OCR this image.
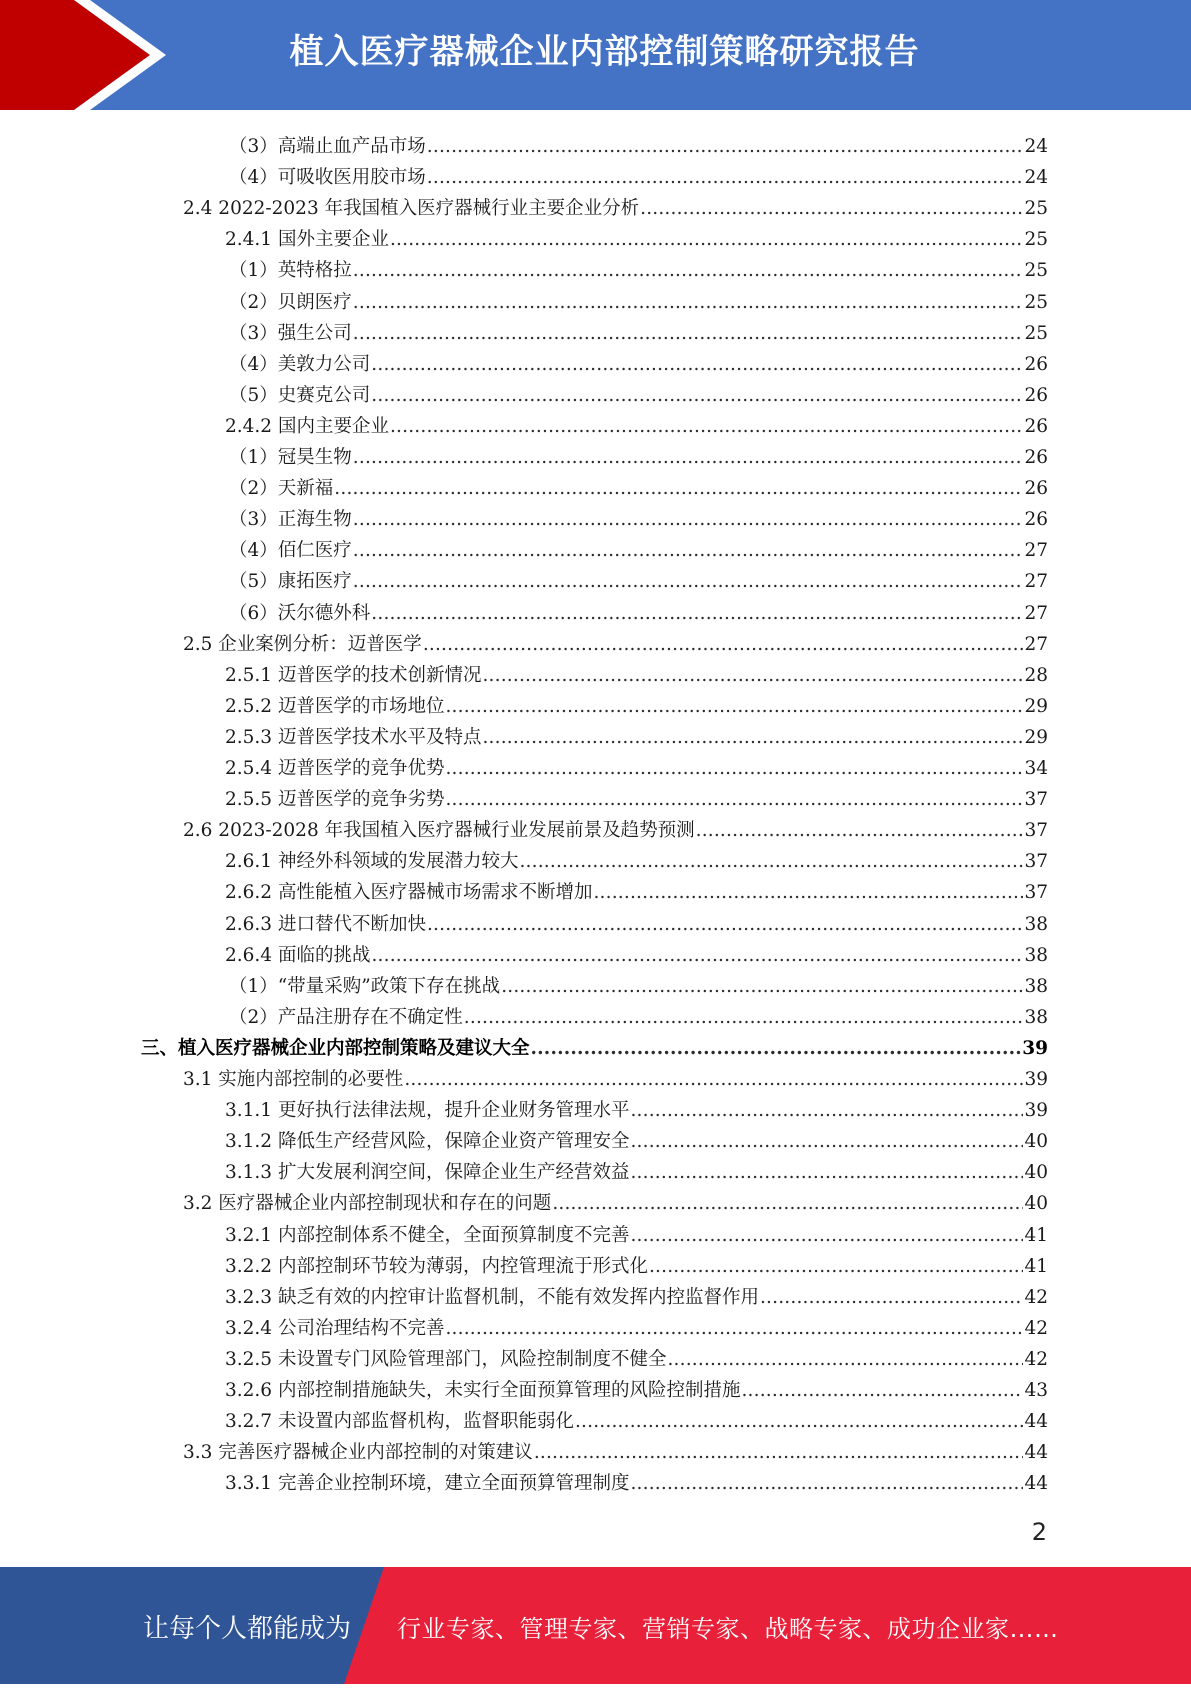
植入医疗器械企业内部控制策略研究报告
（3）高端止血产品市场 .....	24
（4）可吸收医用胶市场 .....	24
2.4 2022-2023 年我国植入医疗器械行业主要企业分析 .....	25
2.4.1 国外主要企业 .....	25
（1）英特格拉 .....	25
（2）贝朗医疗 .....	25
（3）强生公司 .....	25
（4）美敦力公司 .....	26
（5）史赛克公司 .....	26
2.4.2 国内主要企业 .....	26
（1）冠昊生物 .....	26
（2）天新福 .....	26
（3）正海生物 .....	26
（4）佰仁医疗 .....	27
（5）康拓医疗 .....	27
（6）沃尔德外科 .....	27
2.5 企业案例分析：迈普医学 .....	27
2.5.1 迈普医学的技术创新情况 .....	28
2.5.2 迈普医学的市场地位 .....	29
2.5.3 迈普医学技术水平及特点 .....	29
2.5.4 迈普医学的竞争优势 .....	34
2.5.5 迈普医学的竞争劣势 .....	37
2.6 2023-2028 年我国植入医疗器械行业发展前景及趋势预测 .....	37
2.6.1 神经外科领域的发展潜力较大 .....	37
2.6.2 高性能植入医疗器械市场需求不断增加 .....	37
2.6.3 进口替代不断加快 .....	38
2.6.4 面临的挑战 .....	38
（1）“带量采购”政策下存在挑战 .....	38
（2）产品注册存在不确定性 .....	38
三、植入医疗器械企业内部控制策略及建议大全 .....	39
3.1 实施内部控制的必要性 .....	39
3.1.1 更好执行法律法规，提升企业财务管理水平 .....	39
3.1.2 降低生产经营风险，保障企业资产管理安全 .....	40
3.1.3 扩大发展利润空间，保障企业生产经营效益 .....	40
3.2 医疗器械企业内部控制现状和存在的问题 .....	40
3.2.1 内部控制体系不健全，全面预算制度不完善 .....	41
3.2.2 内部控制环节较为薄弱，内控管理流于形式化 .....	41
3.2.3 缺乏有效的内控审计监督机制，不能有效发挥内控监督作用 .....	42
3.2.4 公司治理结构不完善 .....	42
3.2.5 未设置专门风险管理部门，风险控制制度不健全 .....	42
3.2.6 内部控制措施缺失，未实行全面预算管理的风险控制措施 .....	43
3.2.7 未设置内部监督机构，监督职能弱化 .....	44
3.3 完善医疗器械企业内部控制的对策建议 .....	44
3.3.1 完善企业控制环境，建立全面预算管理制度 .....	44
2
让每个人都能成为 行业专家、管理专家、营销专家、战略专家、成功企业家……
